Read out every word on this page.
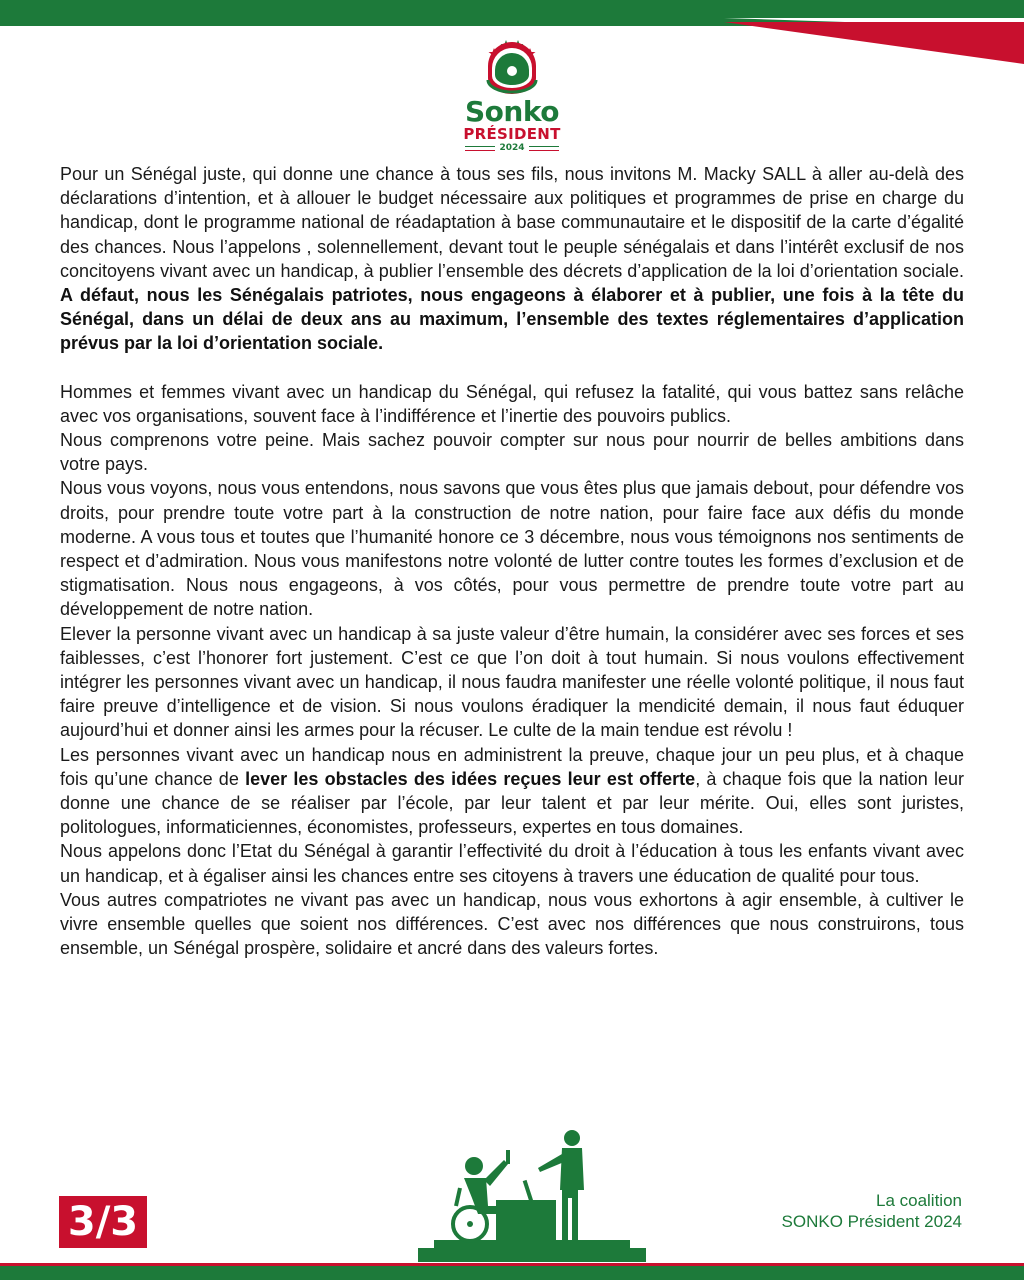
Sonko
PRÉSIDENT
2024

Pour un Sénégal juste, qui donne une chance à tous ses fils, nous invitons M. Macky SALL à aller au-delà des déclarations d’intention, et à allouer le budget nécessaire aux politiques et programmes de prise en charge du handicap, dont le programme national de réadaptation à base communautaire et le dispositif de la carte d’égalité des chances. Nous l’appelons , solennellement, devant tout le peuple sénégalais et dans l’intérêt exclusif de nos concitoyens vivant avec un handicap, à publier l’ensemble des décrets d’application de la loi d’orientation sociale. A défaut, nous les Sénégalais patriotes, nous engageons à élaborer et à publier, une fois à la tête du Sénégal, dans un délai de deux ans au maximum, l’ensemble des textes réglementaires d’application prévus par la loi d’orientation sociale.

Hommes et femmes vivant avec un handicap du Sénégal, qui refusez la fatalité, qui vous battez sans relâche avec vos organisations, souvent face à l’indifférence et l’inertie des pouvoirs publics.

Nous comprenons votre peine. Mais sachez pouvoir compter sur nous pour nourrir de belles ambitions dans votre pays.

Nous vous voyons, nous vous entendons, nous savons que vous êtes plus que jamais debout, pour défendre vos droits, pour prendre toute votre part à la construction de notre nation, pour faire face aux défis du monde moderne. A vous tous et toutes que l’humanité honore ce 3 décembre, nous vous témoignons nos sentiments de respect et d’admiration. Nous vous manifestons notre volonté de lutter contre toutes les formes d’exclusion et de stigmatisation. Nous nous engageons, à vos côtés, pour vous permettre de prendre toute votre part au développement de notre nation.

Elever la personne vivant avec un handicap à sa juste valeur d’être humain, la considérer avec ses forces et ses faiblesses, c’est l’honorer fort justement. C’est ce que l’on doit à tout humain. Si nous voulons effectivement intégrer les personnes vivant avec un handicap, il nous faudra manifester une réelle volonté politique, il nous faut faire preuve d’intelligence et de vision. Si nous voulons éradiquer la mendicité demain, il nous faut éduquer aujourd’hui et donner ainsi les armes pour la récuser. Le culte de la main tendue est révolu !

Les personnes vivant avec un handicap nous en administrent la preuve, chaque jour un peu plus, et à chaque fois qu’une chance de lever les obstacles des idées reçues leur est offerte, à chaque fois que la nation leur donne une chance de se réaliser par l’école, par leur talent et par leur mérite. Oui, elles sont juristes, politologues, informaticiennes, économistes, professeurs, expertes en tous domaines.

Nous appelons donc l’Etat du Sénégal à garantir l’effectivité du droit à l’éducation à tous les enfants vivant avec un handicap, et à égaliser ainsi les chances entre ses citoyens à travers une éducation de qualité pour tous.

Vous autres compatriotes ne vivant pas avec un handicap, nous vous exhortons à agir ensemble, à cultiver le vivre ensemble quelles que soient nos différences. C’est avec nos différences que nous construirons, tous ensemble, un Sénégal prospère, solidaire et ancré dans des valeurs fortes.

3/3	La coalition
SONKO Président 2024
